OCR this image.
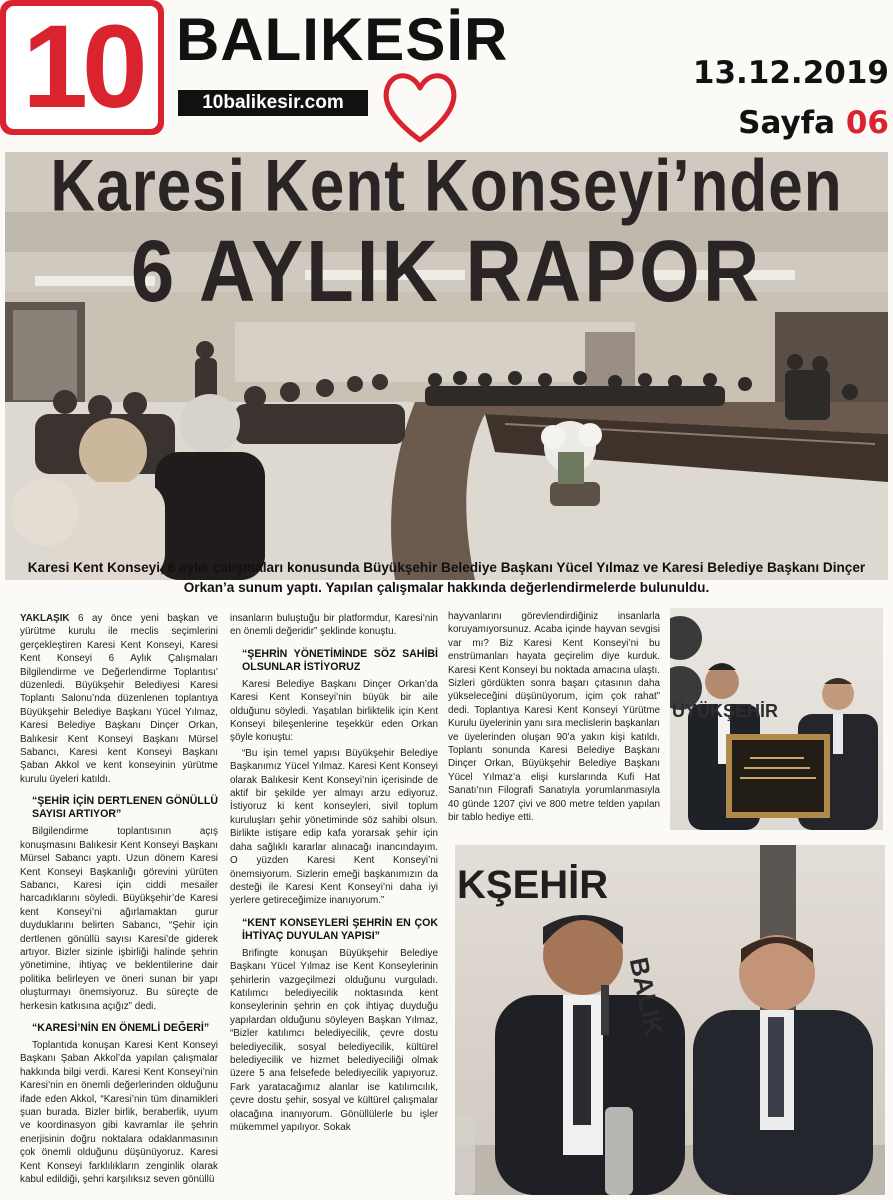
10 BALIKESİR
10balikesir.com
13.12.2019
Sayfa 06
Karesi Kent Konseyi’nden
6 AYLIK RAPOR
Karesi Kent Konseyi, 6 aylık çalışmaları konusunda Büyükşehir Belediye Başkanı Yücel Yılmaz ve Karesi Belediye Başkanı Dinçer Orkan’a sunum yaptı. Yapılan çalışmalar hakkında değerlendirmelerde bulunuldu.

YAKLAŞIK 6 ay önce yeni başkan ve yürütme kurulu ile meclis seçimlerini gerçekleştiren Karesi Kent Konseyi, Karesi Kent Konseyi 6 Aylık Çalışmaları Bilgilendirme ve Değerlendirme Toplantısı’ düzenledi. Büyükşehir Belediyesi Karesi Toplantı Salonu’nda düzenlenen toplantıya Büyükşehir Belediye Başkanı Yücel Yılmaz, Karesi Belediye Başkanı Dinçer Orkan, Balıkesir Kent Konseyi Başkanı Mürsel Sabancı, Karesi kent Konseyi Başkanı Şaban Akkol ve kent konseyinin yürütme kurulu üyeleri katıldı.

“ŞEHİR İÇİN DERTLENEN GÖNÜLLÜ SAYISI ARTIYOR”

Bilgilendirme toplantısının açış konuşmasını Balıkesir Kent Konseyi Başkanı Mürsel Sabancı yaptı. Uzun dönem Karesi Kent Konseyi Başkanlığı görevini yürüten Sabancı, Karesi için ciddi mesailer harcadıklarını söyledi. Büyükşehir’de Karesi kent Konseyi’ni ağırlamaktan gurur duyduklarını belirten Sabancı, “Şehir için dertlenen gönüllü sayısı Karesi’de giderek artıyor. Bizler sizinle işbirliği halinde şehrin yönetimine, ihtiyaç ve beklentilerine dair politika belirleyen ve öneri sunan bir yapı oluşturmayı önemsiyoruz. Bu süreçte de herkesin katkısına açığız” dedi.

“KARESİ’NİN EN ÖNEMLİ DEĞERİ”

Toplantıda konuşan Karesi Kent Konseyi Başkanı Şaban Akkol’da yapılan çalışmalar hakkında bilgi verdi. Karesi Kent Konseyi’nin Karesi’nin en önemli değerlerinden olduğunu ifade eden Akkol, “Karesi’nin tüm dinamikleri şuan burada. Bizler birlik, beraberlik, uyum ve koordinasyon gibi kavramlar ile şehrin enerjisinin doğru noktalara odaklanmasının çok önemli olduğunu düşünüyoruz. Karesi Kent Konseyi farklılıkların zenginlik olarak kabul edildiği, şehri karşılıksız seven gönüllü

insanların buluştuğu bir platformdur, Karesi’nin en önemli değeridir” şeklinde konuştu.

“ŞEHRİN YÖNETİMİNDE SÖZ SAHİBİ OLSUNLAR İSTİYORUZ

Karesi Belediye Başkanı Dinçer Orkan’da Karesi Kent Konseyi’nin büyük bir aile olduğunu söyledi. Yaşatılan birliktelik için Kent Konseyi bileşenlerine teşekkür eden Orkan şöyle konuştu:

“Bu işin temel yapısı Büyükşehir Belediye Başkanımız Yücel Yılmaz. Karesi Kent Konseyi olarak Balıkesir Kent Konseyi’nin içerisinde de aktif bir şekilde yer almayı arzu ediyoruz. İstiyoruz ki kent konseyleri, sivil toplum kuruluşları şehir yönetiminde söz sahibi olsun. Birlikte istişare edip kafa yorarsak şehir için daha sağlıklı kararlar alınacağı inancındayım. O yüzden Karesi Kent Konseyi’ni önemsiyorum. Sizlerin emeği başkanımızın da desteği ile Karesi Kent Konseyi’ni daha iyi yerlere getireceğimize inanıyorum.”

“KENT KONSEYLERİ ŞEHRİN EN ÇOK İHTİYAÇ DUYULAN YAPISI”

Brifingte konuşan Büyükşehir Belediye Başkanı Yücel Yılmaz ise Kent Konseylerinin şehirlerin vazgeçilmezi olduğunu vurguladı. Katılımcı belediyecilik noktasında kent konseylerinin şehrin en çok ihtiyaç duyduğu yapılardan olduğunu söyleyen Başkan Yılmaz, “Bizler katılımcı belediyecilik, çevre dostu belediyecilik, sosyal belediyecilik, kültürel belediyecilik ve hizmet belediyeciliği olmak üzere 5 ana felsefede belediyecilik yapıyoruz. Fark yaratacağımız alanlar ise katılımcılık, çevre dostu şehir, sosyal ve kültürel çalışmalar olacağına inanıyorum. Gönüllülerle bu işler mükemmel yapılıyor. Sokak

hayvanlarını görevlendirdiğiniz insanlarla koruyamıyorsunuz. Acaba içinde hayvan sevgisi var mı? Biz Karesi Kent Konseyi’ni bu enstrümanları hayata geçirelim diye kurduk. Karesi Kent Konseyi bu noktada amacına ulaştı. Sizleri gördükten sonra başarı çıtasının daha yükseleceğini düşünüyorum, içim çok rahat” dedi. Toplantıya Karesi Kent Konseyi Yürütme Kurulu üyelerinin yanı sıra meclislerin başkanları ve üyelerinden oluşan 90’a yakın kişi katıldı. Toplantı sonunda Karesi Belediye Başkanı Dinçer Orkan, Büyükşehir Belediye Başkanı Yücel Yılmaz’a elişi kurslarında Kufi Hat Sanatı’nın Filografi Sanatıyla yorumlanmasıyla 40 günde 1207 çivi ve 800 metre telden yapılan bir tablo hediye etti.

ÜYÜKŞEHİR
KŞEHİR
BALIK
